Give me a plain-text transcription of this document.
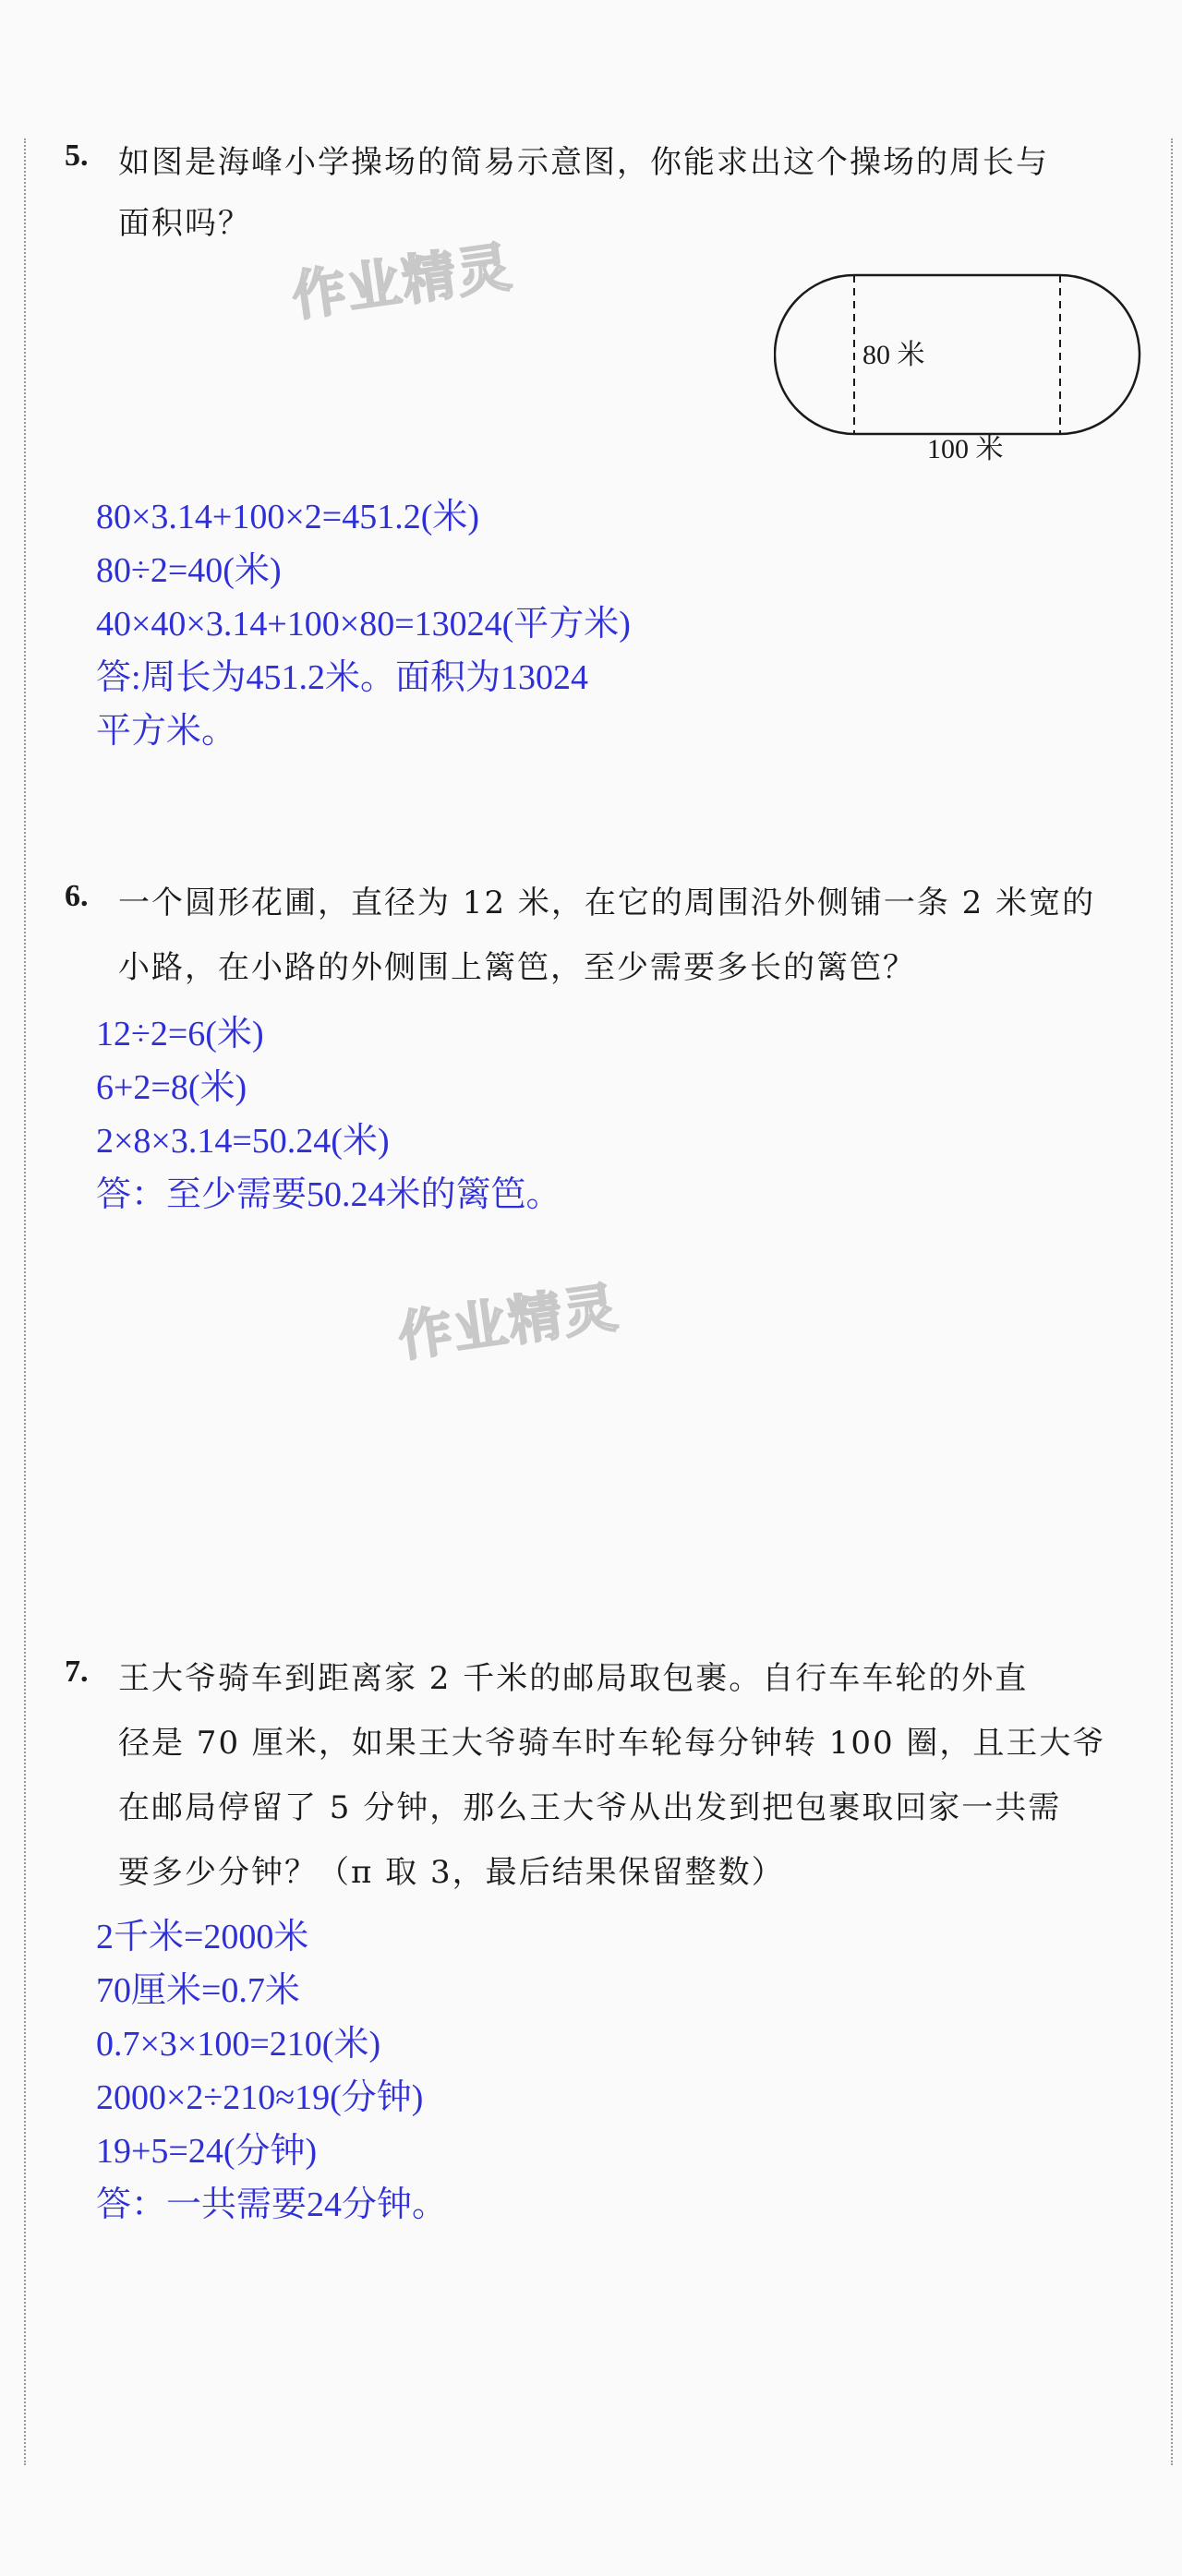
作业精灵
作业精灵
5. 如图是海峰小学操场的简易示意图，你能求出这个操场的周长与
面积吗？
80 米
100 米
80×3.14+100×2=451.2(米)
80÷2=40(米)
40×40×3.14+100×80=13024(平方米)
答:周长为451.2米。面积为13024
平方米。
6. 一个圆形花圃，直径为 12 米，在它的周围沿外侧铺一条 2 米宽的
小路，在小路的外侧围上篱笆，至少需要多长的篱笆？
12÷2=6(米)
6+2=8(米)
2×8×3.14=50.24(米)
答：至少需要50.24米的篱笆。
7. 王大爷骑车到距离家 2 千米的邮局取包裹。自行车车轮的外直
径是 70 厘米，如果王大爷骑车时车轮每分钟转 100 圈，且王大爷
在邮局停留了 5 分钟，那么王大爷从出发到把包裹取回家一共需
要多少分钟？（π 取 3，最后结果保留整数）
2千米=2000米
70厘米=0.7米
0.7×3×100=210(米)
2000×2÷210≈19(分钟)
19+5=24(分钟)
答：一共需要24分钟。
